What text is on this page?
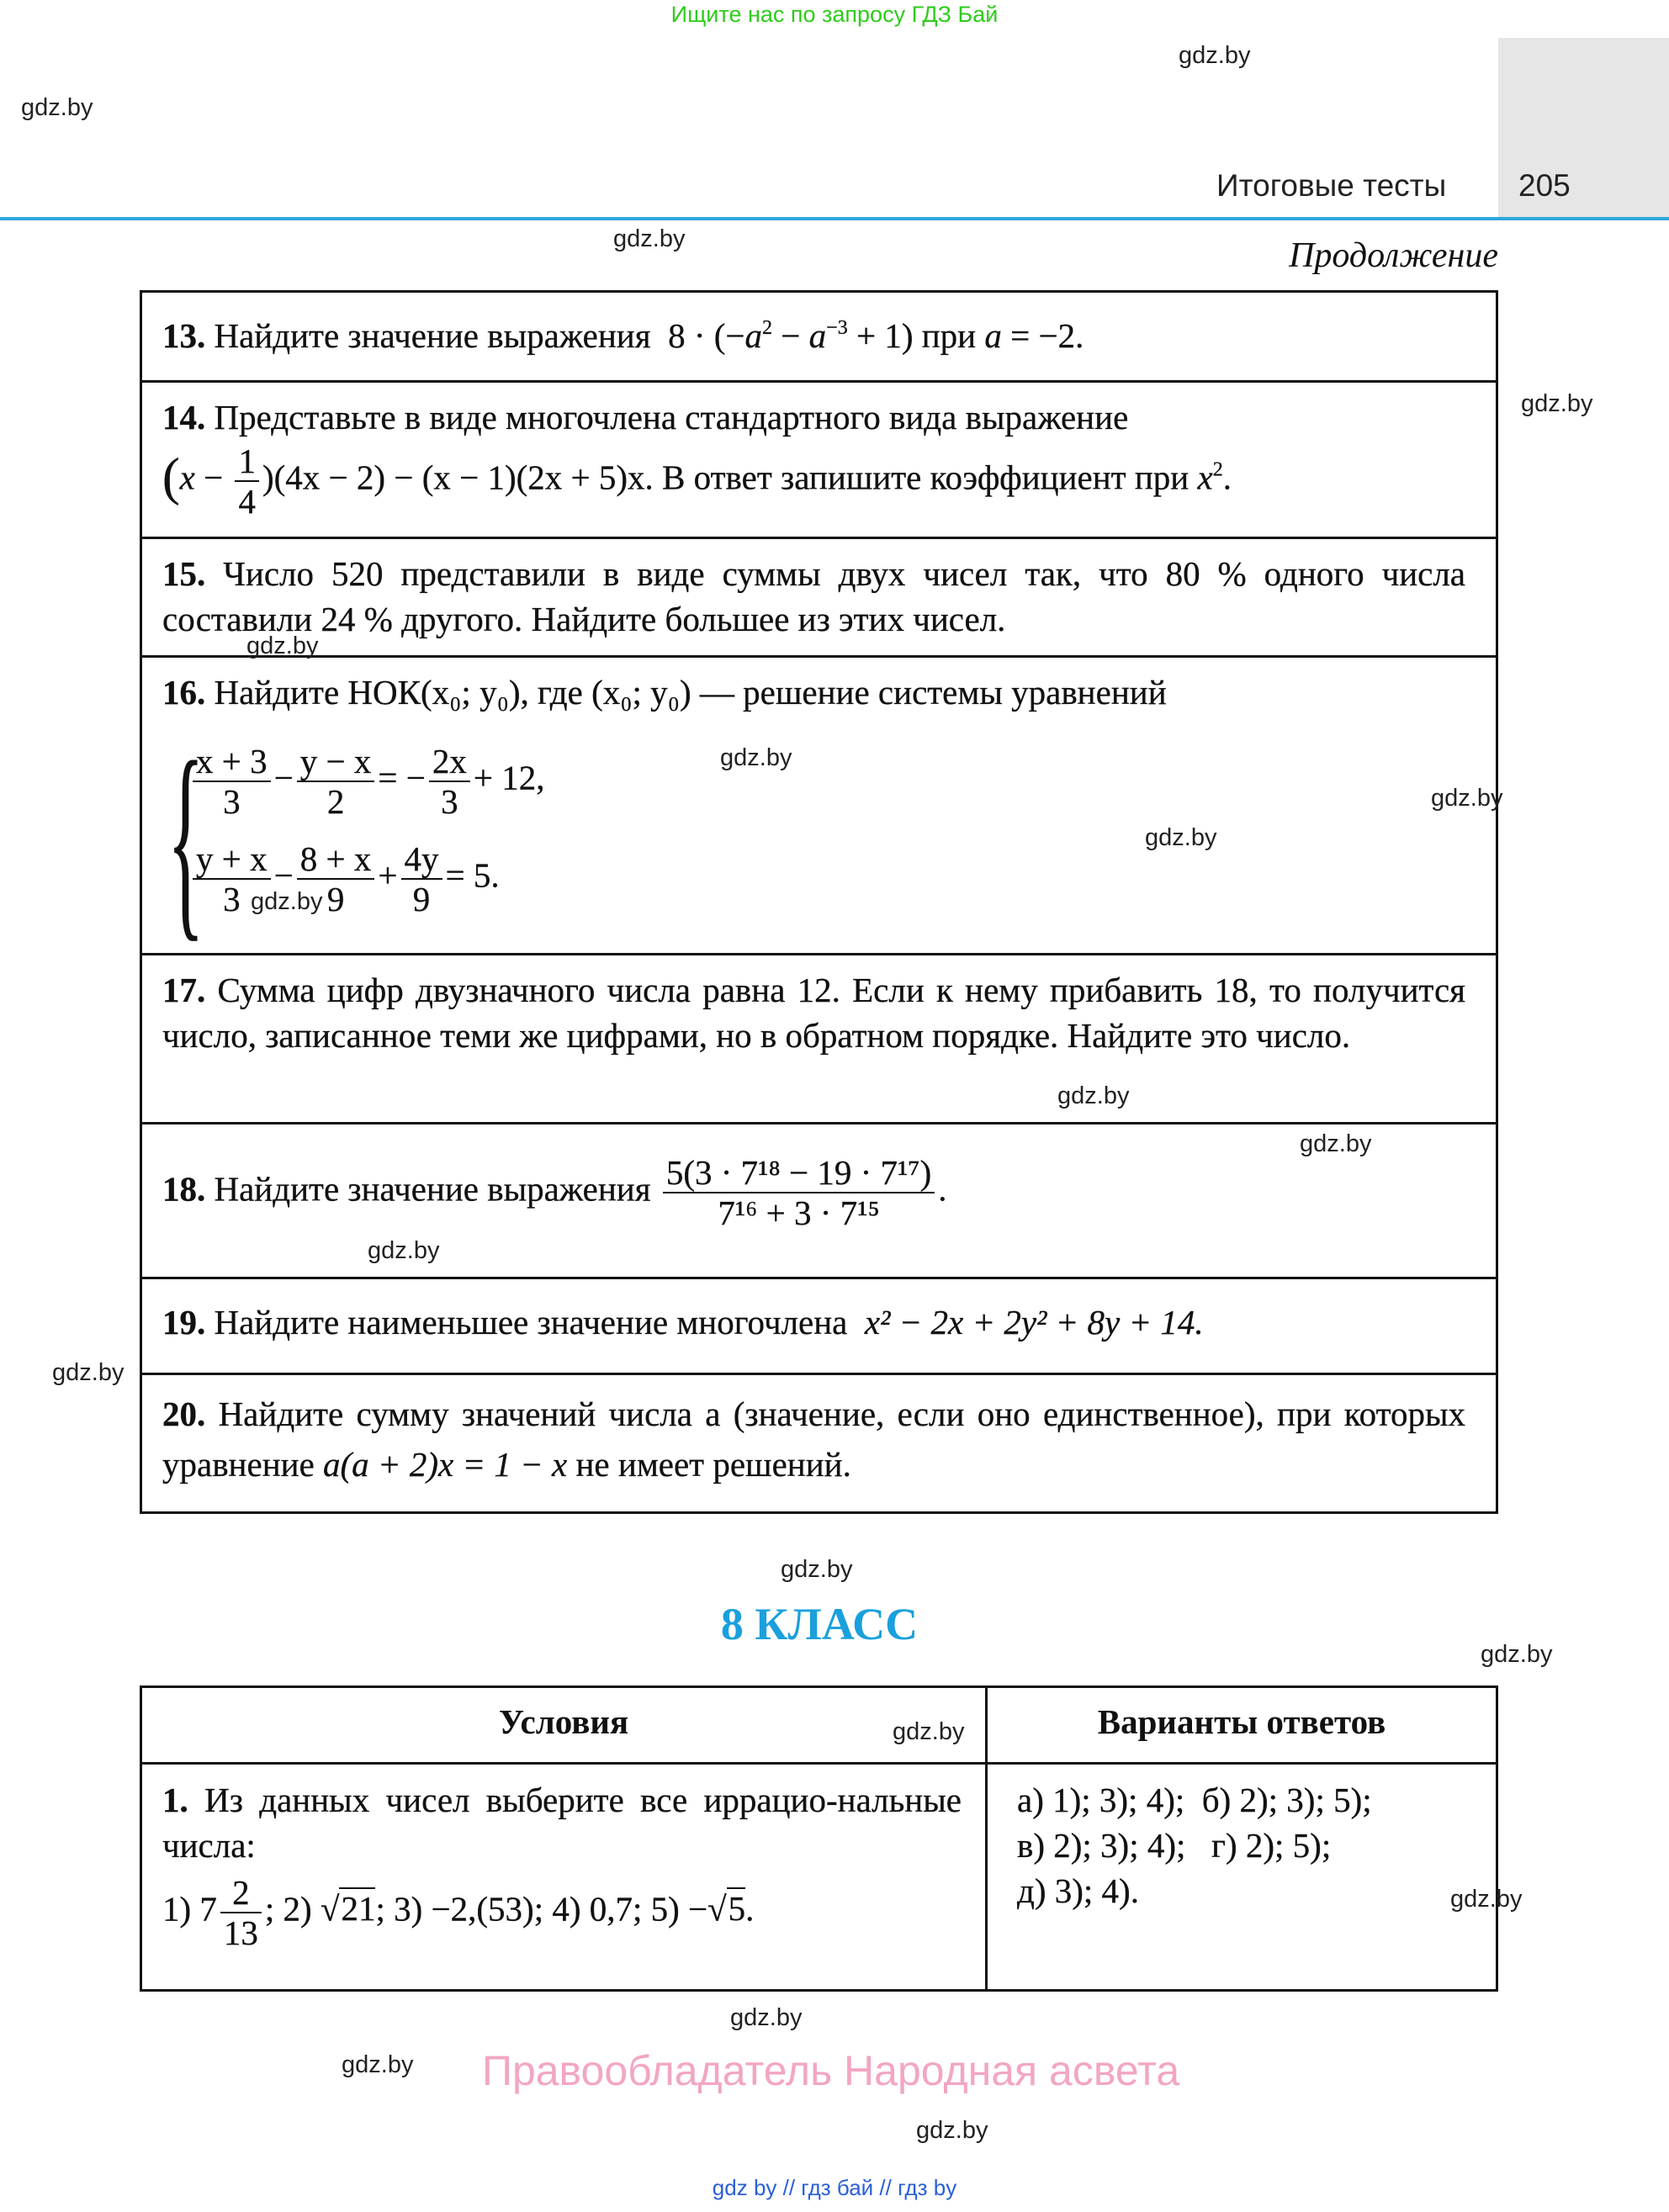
Ищите нас по запросу ГДЗ Бай
Итоговые тесты 205
Продолжение
13. Найдите значение выражения $8 \cdot (-a^2 - a^{-3} + 1)$ при a = −2.
14. Представьте в виде многочлена стандартного вида выражение
$(x - \frac{1}{4} )(4x - 2) - (x - 1)(2x + 5)x$. В ответ запишите коэффициент при $x^2$.
15. Число 520 представили в виде суммы двух чисел так, что 80 % одного числа составили 24 % другого. Найдите большее из этих чисел.
16. Найдите НОК(x₀; y₀), где (x₀; y₀) — решение системы уравнений
{
$\frac{x + 3}{3} - \frac{y - x}{2}$ = − $\frac{2x}{3} + 12$,
$\frac{y + x}{3} - \frac{8 + x}{9} + \frac{4y}{9} = 5$.
17. Сумма цифр двузначного числа равна 12. Если к нему прибавить 18, то получится число, записанное теми же цифрами, но в обратном порядке. Найдите это число.
18. Найдите значение выражения $\frac{\text{5(3 · 7¹⁸ − 19 · 7¹⁷)}}{\text{7¹⁶ + 3 · 7¹⁵}}$ .
19. Найдите наименьшее значение многочлена x² − 2x + 2y² + 8y + 14.
20. Найдите сумму значений числа a (значение, если оно единственное), при которых уравнение a(a + 2)x = 1 − x не имеет решений.
8 КЛАСС
Условия	Варианты ответов
1. Из данных чисел выберите все иррацио-нальные числа:
1) $7 \frac{2}{13}$ ; 2) √21; 3) −2,(53); 4) 0,7; 5) −√5.
а) 1); 3); 4); б) 2); 3); 5);
в) 2); 3); 4); г) 2); 5);
д) 3); 4).
Правообладатель Народная асвета
gdz by // гдз бай // гдз by
gdz.by
gdz.by
gdz.by
gdz.by
gdz.by
gdz.by
gdz.by
gdz.by
gdz.by
gdz.by
gdz.by
gdz.by
gdz.by
gdz.by
gdz.by
gdz.by
gdz.by
gdz.by
gdz.by
gdz.by
